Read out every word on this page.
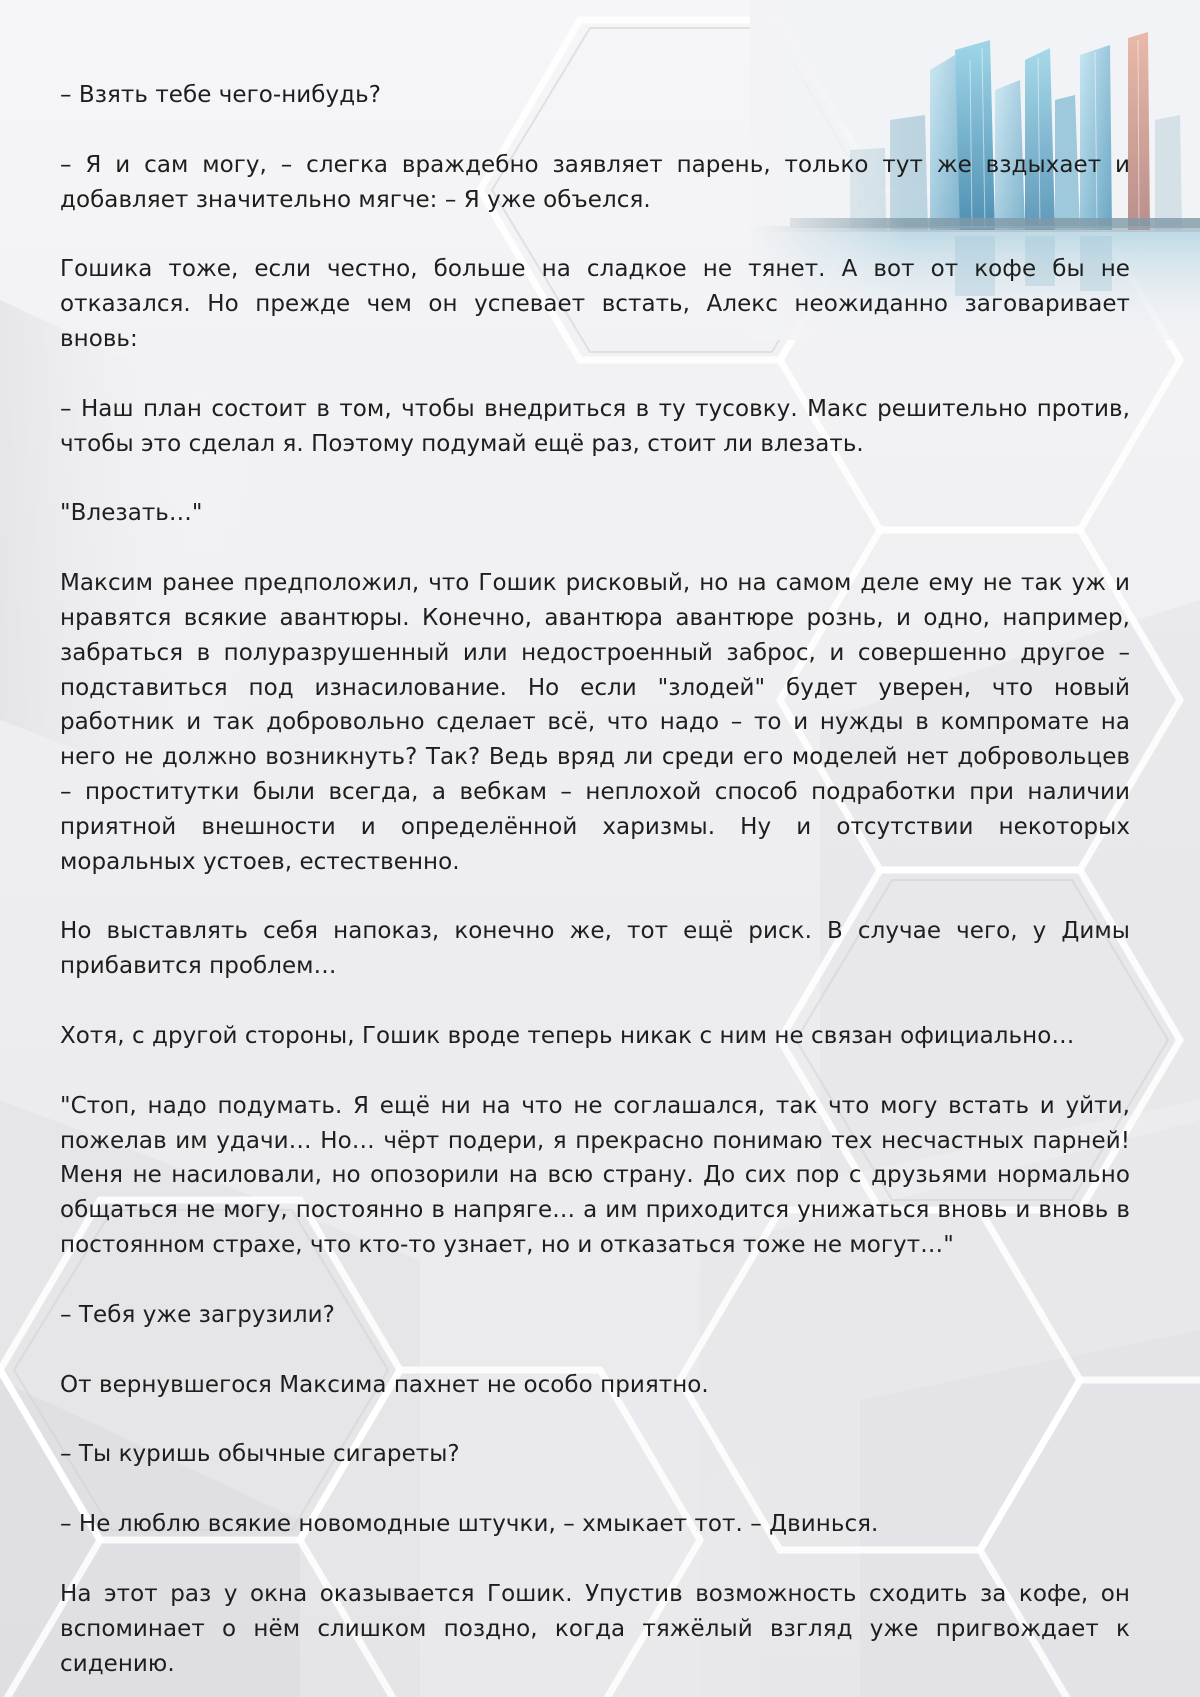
– Взять тебе чего-нибудь?

– Я и сам могу, – слегка враждебно заявляет парень, только тут же вздыхает и добавляет значительно мягче: – Я уже объелся.

Гошика тоже, если честно, больше на сладкое не тянет. А вот от кофе бы не отказался. Но прежде чем он успевает встать, Алекс неожиданно заговаривает вновь:

– Наш план состоит в том, чтобы внедриться в ту тусовку. Макс решительно против, чтобы это сделал я. Поэтому подумай ещё раз, стоит ли влезать.

"Влезать…"

Максим ранее предположил, что Гошик рисковый, но на самом деле ему не так уж и нравятся всякие авантюры. Конечно, авантюра авантюре рознь, и одно, например, забраться в полуразрушенный или недостроенный заброс, и совершенно другое – подставиться под изнасилование. Но если "злодей" будет уверен, что новый работник и так добровольно сделает всё, что надо – то и нужды в компромате на него не должно возникнуть? Так? Ведь вряд ли среди его моделей нет добровольцев – проститутки были всегда, а вебкам – неплохой способ подработки при наличии приятной внешности и определённой харизмы. Ну и отсутствии некоторых моральных устоев, естественно.

Но выставлять себя напоказ, конечно же, тот ещё риск. В случае чего, у Димы прибавится проблем…

Хотя, с другой стороны, Гошик вроде теперь никак с ним не связан официально…

"Стоп, надо подумать. Я ещё ни на что не соглашался, так что могу встать и уйти, пожелав им удачи… Но… чёрт подери, я прекрасно понимаю тех несчастных парней! Меня не насиловали, но опозорили на всю страну. До сих пор с друзьями нормально общаться не могу, постоянно в напряге… а им приходится унижаться вновь и вновь в постоянном страхе, что кто-то узнает, но и отказаться тоже не могут…"

– Тебя уже загрузили?

От вернувшегося Максима пахнет не особо приятно.

– Ты куришь обычные сигареты?

– Не люблю всякие новомодные штучки, – хмыкает тот. – Двинься.

На этот раз у окна оказывается Гошик. Упустив возможность сходить за кофе, он вспоминает о нём слишком поздно, когда тяжёлый взгляд уже пригвождает к сидению.
